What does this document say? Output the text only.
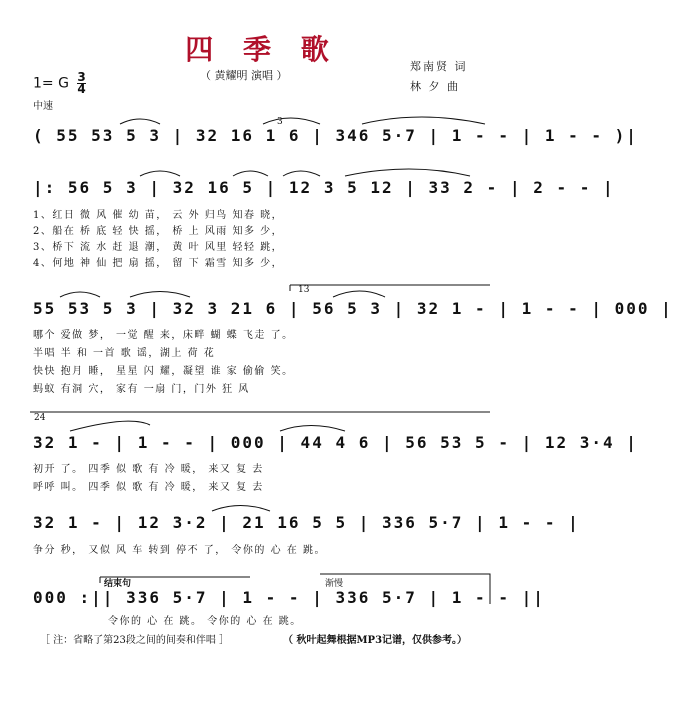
四 季 歌
（ 黄耀明 演唱 ）
郑南贤 词
林 夕 曲
1= G $\frac{3}{4}$
中速
( 55 53 5 3 | 32 16 1 6 | 346 5·7 | 1 - - | 1 - - )|
|: 56 5 3 | 32 16 5 | 12 3 5 12 | 33 2 - | 2 - - |
1、红日 微 风 催 幼 苗， 云 外 归鸟 知春 晓，
2、船在 桥 底 轻 快 摇， 桥 上 风雨 知多 少，
3、桥下 流 水 赶 退 潮， 黄 叶 风里 轻轻 跳，
4、何地 神 仙 把 扇 摇， 留 下 霜雪 知多 少，
55 53 5 3 | 32 3 21 6 | 56 5 3 | 32 1 - | 1 - - | 000 |
哪个 爱做 梦， 一觉 醒 来，床畔 蝴 蝶 飞走 了。
半唱 半 和 一首 歌 谣，湖上 荷 花
快快 抱月 睡， 星星 闪 耀，凝望 谁 家 偷偷 笑。
蚂蚁 有洞 穴， 家有 一扇 门，门外 狂 风
32 1 - | 1 - - | 000 | 44 4 6 | 56 53 5 - | 12 3·4 |
初开 了。 四季 似 歌 有 冷 暖， 来又 复 去
呼呼 叫。 四季 似 歌 有 冷 暖， 来又 复 去
32 1 - | 12 3·2 | 21 16 5 5 | 336 5·7 | 1 - - |
争分 秒， 又似 风 车 转到 停不 了， 令你的 心 在 跳。
000 :|| 336 5·7 | 1 - - | 336 5·7 | 1 - - ||
令你的 心 在 跳。 令你的 心 在 跳。
3
13
24
结束句	渐慢
［ 注：省略了第23段之间的间奏和伴唱 ］	（ 秋叶起舞根据MP3记谱，仅供参考。）
